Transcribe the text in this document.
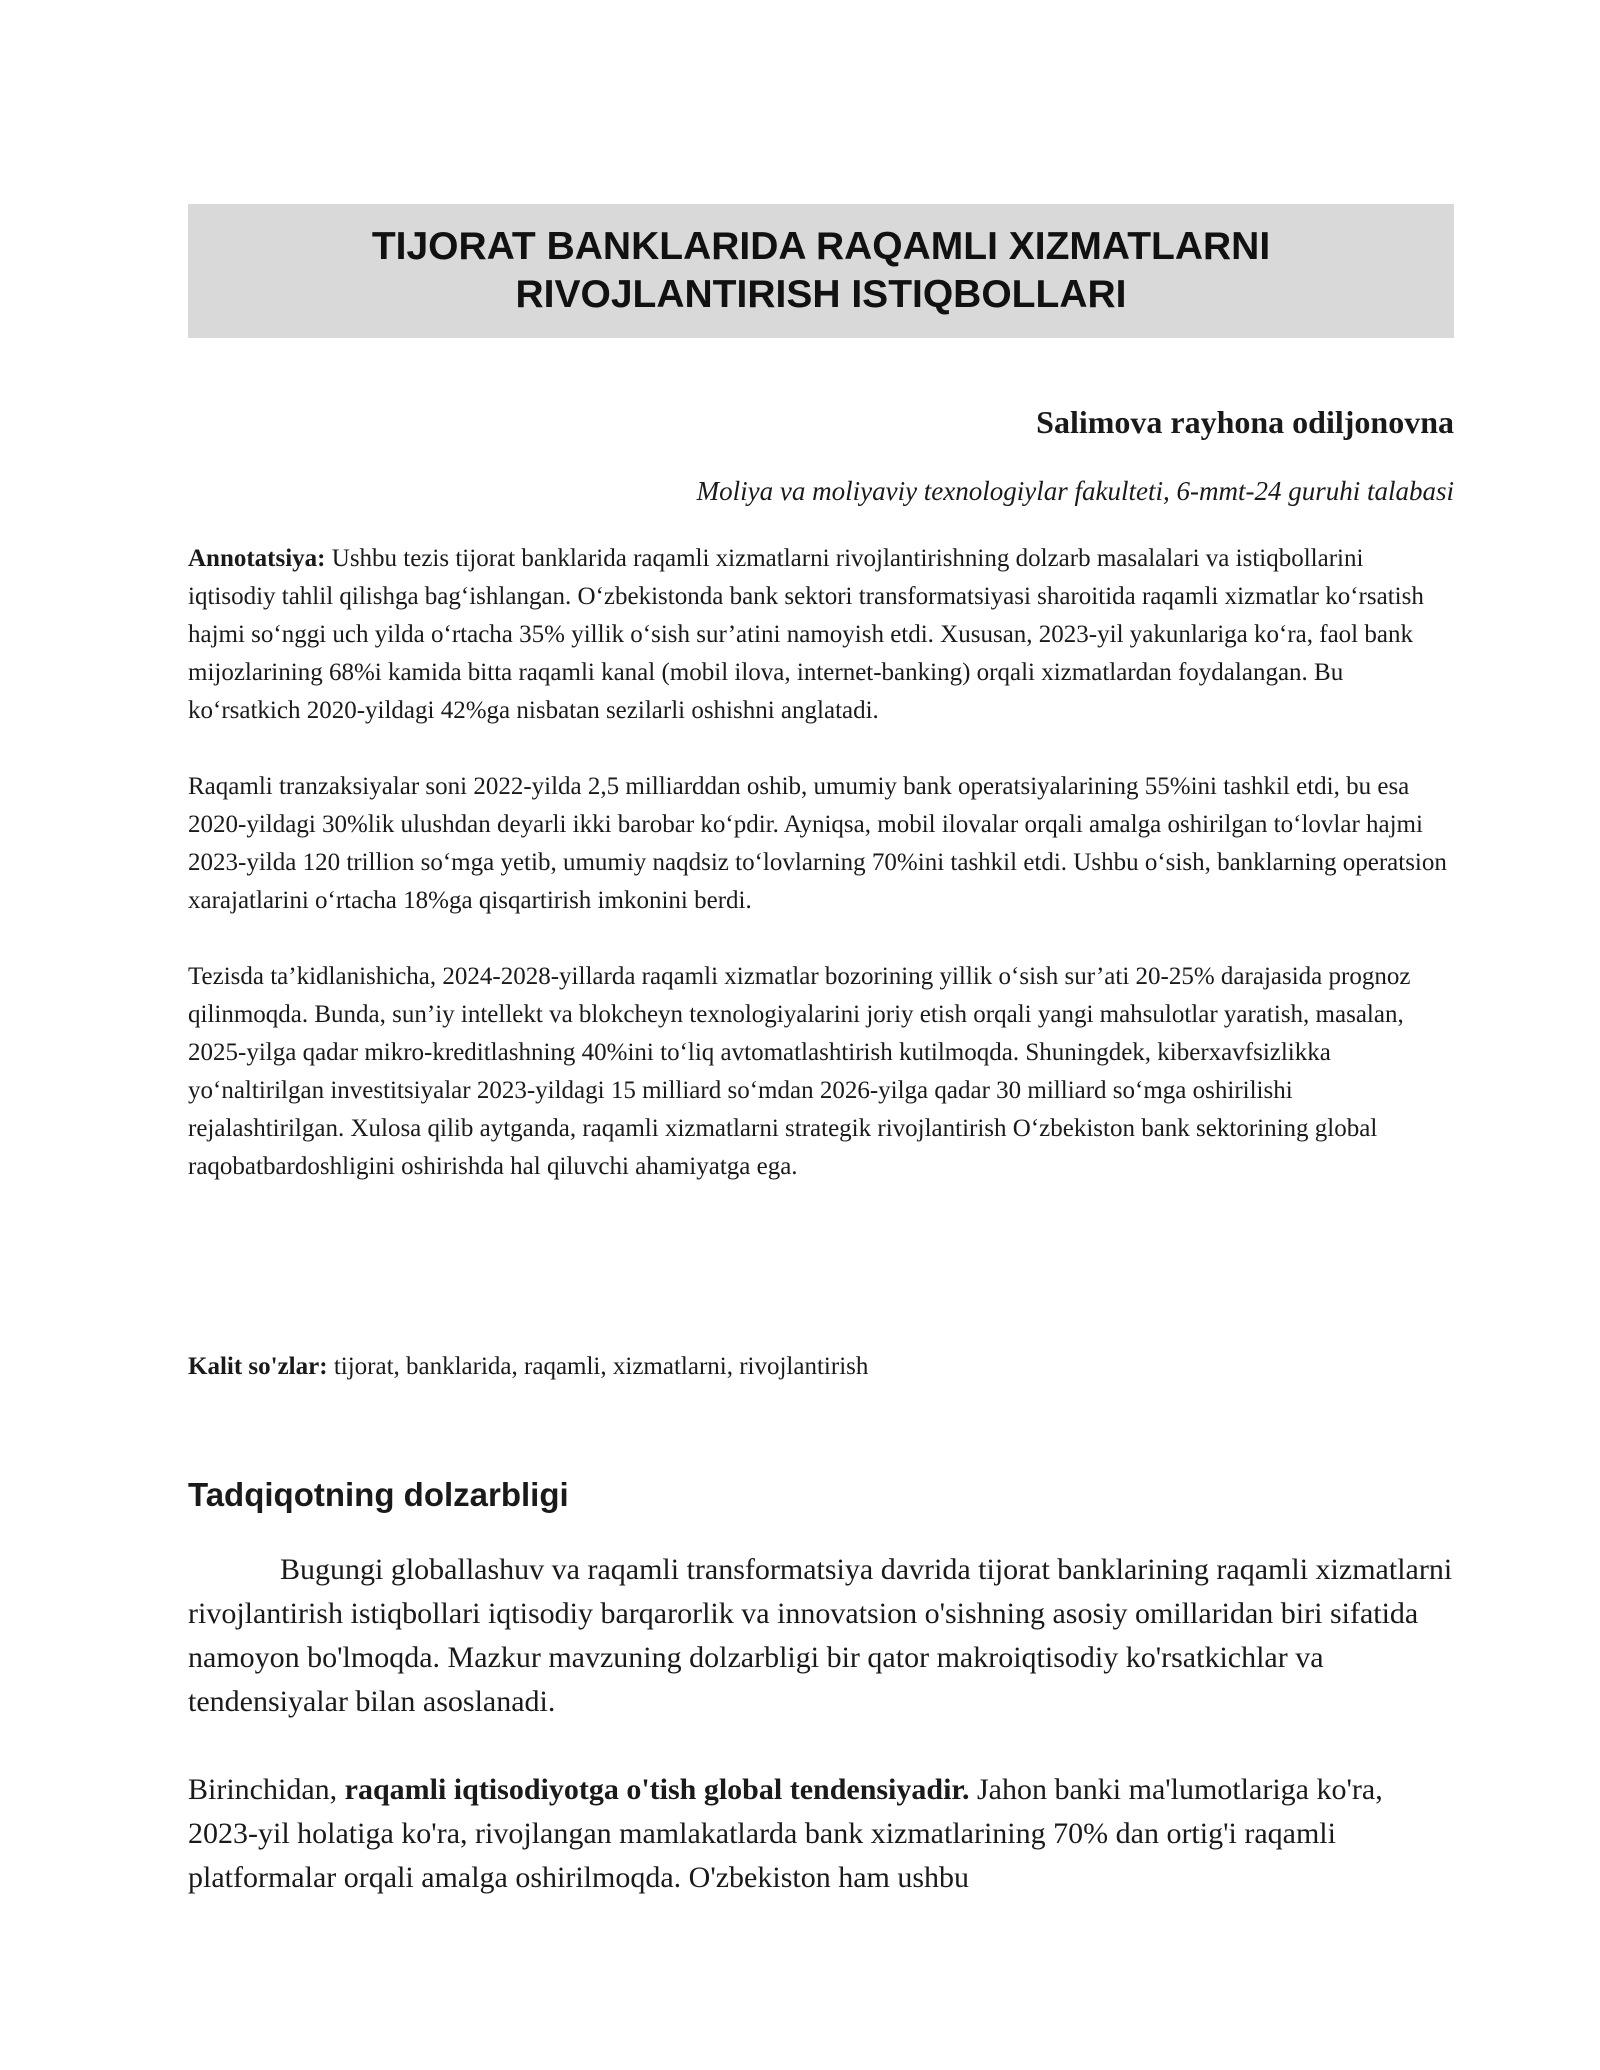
TIJORAT BANKLARIDA RAQAMLI XIZMATLARNI
RIVOJLANTIRISH ISTIQBOLLARI

Salimova rayhona odiljonovna

Moliya va moliyaviy texnologiylar fakulteti, 6-mmt-24 guruhi talabasi

Annotatsiya: Ushbu tezis tijorat banklarida raqamli xizmatlarni rivojlantirishning dolzarb masalalari va istiqbollarini iqtisodiy tahlil qilishga bag‘ishlangan. O‘zbekistonda bank sektori transformatsiyasi sharoitida raqamli xizmatlar ko‘rsatish hajmi so‘nggi uch yilda o‘rtacha 35% yillik o‘sish sur’atini namoyish etdi. Xususan, 2023-yil yakunlariga ko‘ra, faol bank mijozlarining 68%i kamida bitta raqamli kanal (mobil ilova, internet-banking) orqali xizmatlardan foydalangan. Bu ko‘rsatkich 2020-yildagi 42%ga nisbatan sezilarli oshishni anglatadi.

Raqamli tranzaksiyalar soni 2022-yilda 2,5 milliarddan oshib, umumiy bank operatsiyalarining 55%ini tashkil etdi, bu esa 2020-yildagi 30%lik ulushdan deyarli ikki barobar ko‘pdir. Ayniqsa, mobil ilovalar orqali amalga oshirilgan to‘lovlar hajmi 2023-yilda 120 trillion so‘mga yetib, umumiy naqdsiz to‘lovlarning 70%ini tashkil etdi. Ushbu o‘sish, banklarning operatsion xarajatlarini o‘rtacha 18%ga qisqartirish imkonini berdi.

Tezisda ta’kidlanishicha, 2024-2028-yillarda raqamli xizmatlar bozorining yillik o‘sish sur’ati 20-25% darajasida prognoz qilinmoqda. Bunda, sun’iy intellekt va blokcheyn texnologiyalarini joriy etish orqali yangi mahsulotlar yaratish, masalan, 2025-yilga qadar mikro-kreditlashning 40%ini to‘liq avtomatlashtirish kutilmoqda. Shuningdek, kiberxavfsizlikka yo‘naltirilgan investitsiyalar 2023-yildagi 15 milliard so‘mdan 2026-yilga qadar 30 milliard so‘mga oshirilishi rejalashtirilgan. Xulosa qilib aytganda, raqamli xizmatlarni strategik rivojlantirish O‘zbekiston bank sektorining global raqobatbardoshligini oshirishda hal qiluvchi ahamiyatga ega.

Kalit so'zlar: tijorat, banklarida, raqamli, xizmatlarni, rivojlantirish

Tadqiqotning dolzarbligi

Bugungi globallashuv va raqamli transformatsiya davrida tijorat banklarining raqamli xizmatlarni rivojlantirish istiqbollari iqtisodiy barqarorlik va innovatsion o'sishning asosiy omillaridan biri sifatida namoyon bo'lmoqda. Mazkur mavzuning dolzarbligi bir qator makroiqtisodiy ko'rsatkichlar va tendensiyalar bilan asoslanadi.

Birinchidan, raqamli iqtisodiyotga o'tish global tendensiyadir. Jahon banki ma'lumotlariga ko'ra, 2023-yil holatiga ko'ra, rivojlangan mamlakatlarda bank xizmatlarining 70% dan ortig'i raqamli platformalar orqali amalga oshirilmoqda. O'zbekiston ham ushbu
